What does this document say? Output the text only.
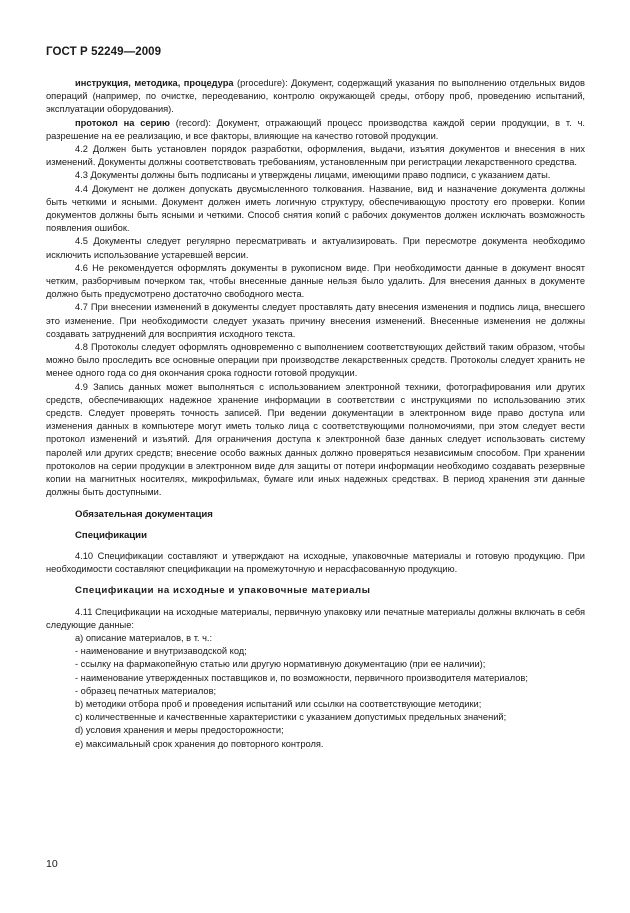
ГОСТ Р 52249—2009

инструкция, методика, процедура (procedure): Документ, содержащий указания по выполнению отдельных видов операций (например, по очистке, переодеванию, контролю окружающей среды, отбору проб, проведению испытаний, эксплуатации оборудования).

протокол на серию (record): Документ, отражающий процесс производства каждой серии продукции, в т. ч. разрешение на ее реализацию, и все факторы, влияющие на качество готовой продукции.

4.2 Должен быть установлен порядок разработки, оформления, выдачи, изъятия документов и внесения в них изменений. Документы должны соответствовать требованиям, установленным при регистрации лекарственного средства.

4.3 Документы должны быть подписаны и утверждены лицами, имеющими право подписи, с указанием даты.

4.4 Документ не должен допускать двусмысленного толкования. Название, вид и назначение документа должны быть четкими и ясными. Документ должен иметь логичную структуру, обеспечивающую простоту его проверки. Копии документов должны быть ясными и четкими. Способ снятия копий с рабочих документов должен исключать возможность появления ошибок.

4.5 Документы следует регулярно пересматривать и актуализировать. При пересмотре документа необходимо исключить использование устаревшей версии.

4.6 Не рекомендуется оформлять документы в рукописном виде. При необходимости данные в документ вносят четким, разборчивым почерком так, чтобы внесенные данные нельзя было удалить. Для внесения данных в документе должно быть предусмотрено достаточно свободного места.

4.7 При внесении изменений в документы следует проставлять дату внесения изменения и подпись лица, внесшего это изменение. При необходимости следует указать причину внесения изменений. Внесенные изменения не должны создавать затруднений для восприятия исходного текста.

4.8 Протоколы следует оформлять одновременно с выполнением соответствующих действий таким образом, чтобы можно было проследить все основные операции при производстве лекарственных средств. Протоколы следует хранить не менее одного года со дня окончания срока годности готовой продукции.

4.9 Запись данных может выполняться с использованием электронной техники, фотографирования или других средств, обеспечивающих надежное хранение информации в соответствии с инструкциями по использованию этих средств. Следует проверять точность записей. При ведении документации в электронном виде право доступа или изменения данных в компьютере могут иметь только лица с соответствующими полномочиями, при этом следует вести протокол изменений и изъятий. Для ограничения доступа к электронной базе данных следует использовать систему паролей или других средств; внесение особо важных данных должно проверяться независимым способом. При хранении протоколов на серии продукции в электронном виде для защиты от потери информации необходимо создавать резервные копии на магнитных носителях, микрофильмах, бумаге или иных надежных средствах. В период хранения эти данные должны быть доступными.

Обязательная документация
Спецификации

4.10 Спецификации составляют и утверждают на исходные, упаковочные материалы и готовую продукцию. При необходимости составляют спецификации на промежуточную и нерасфасованную продукцию.

Спецификации на исходные и упаковочные материалы

4.11 Спецификации на исходные материалы, первичную упаковку или печатные материалы должны включать в себя следующие данные:

а) описание материалов, в т. ч.:

- наименование и внутризаводской код;

- ссылку на фармакопейную статью или другую нормативную документацию (при ее наличии);

- наименование утвержденных поставщиков и, по возможности, первичного производителя материалов;

- образец печатных материалов;

b) методики отбора проб и проведения испытаний или ссылки на соответствующие методики;

c) количественные и качественные характеристики с указанием допустимых предельных значений;

d) условия хранения и меры предосторожности;

е) максимальный срок хранения до повторного контроля.

10
